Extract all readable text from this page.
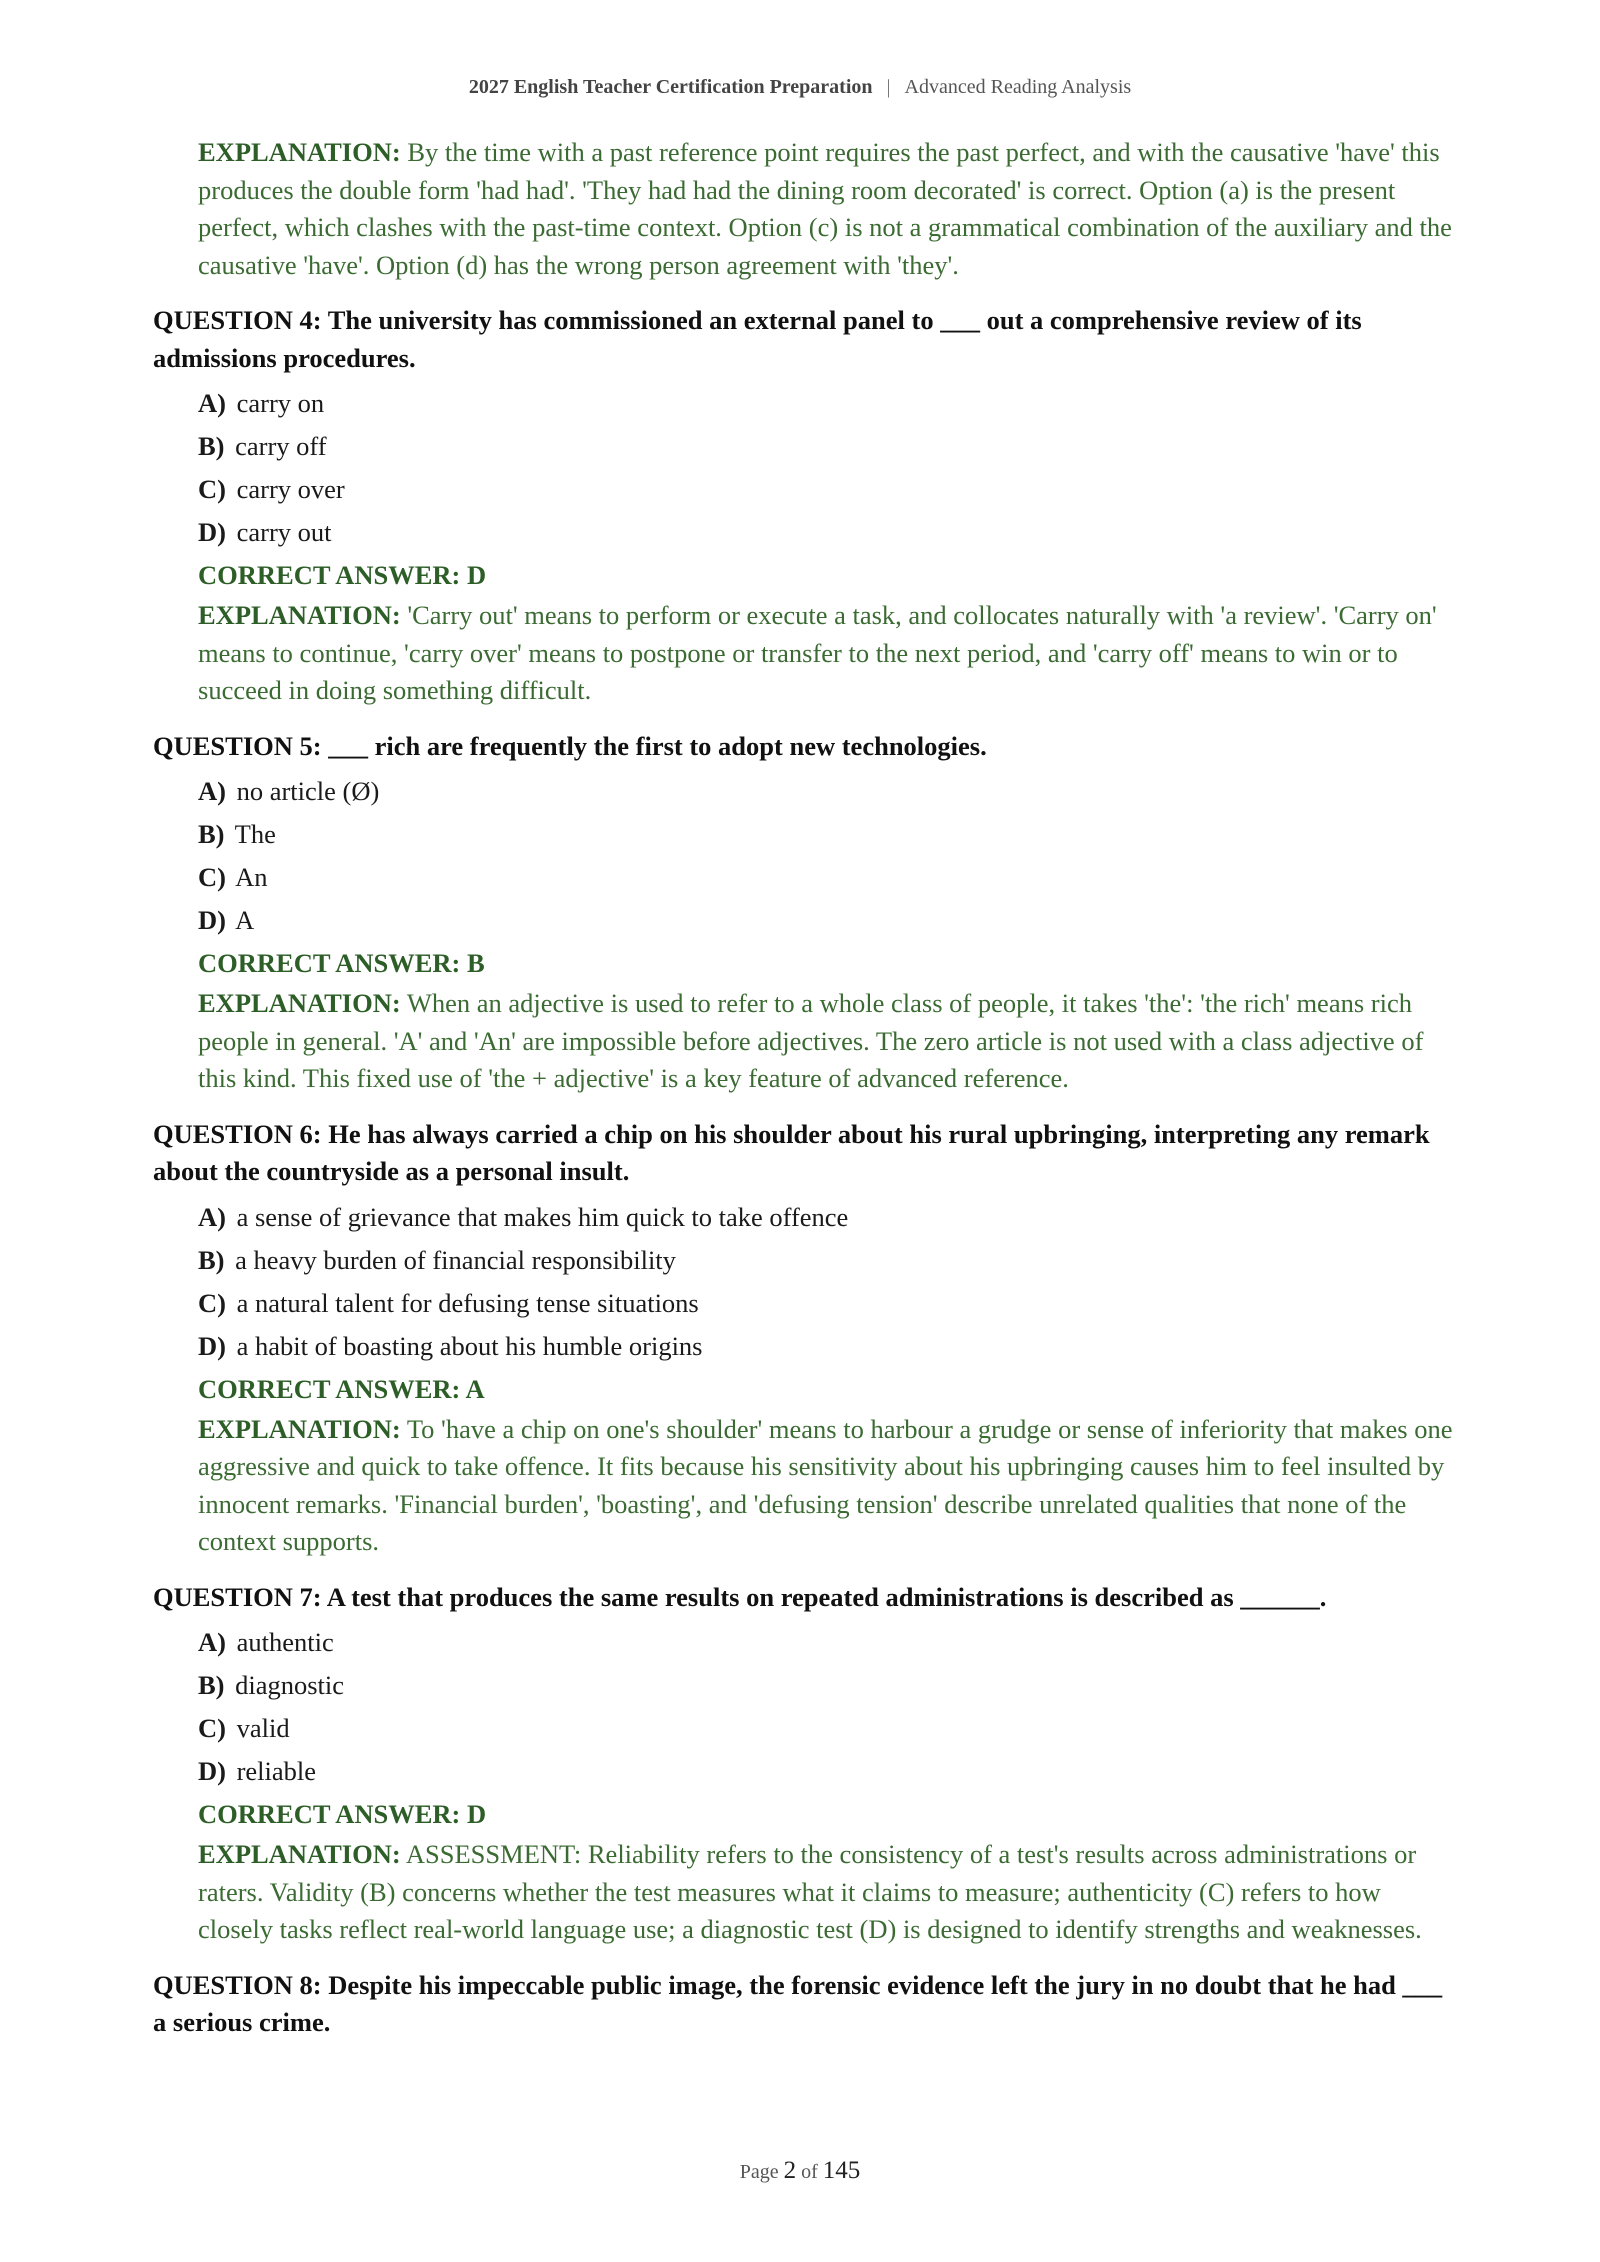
2027 English Teacher Certification Preparation | Advanced Reading Analysis
EXPLANATION: By the time with a past reference point requires the past perfect, and with the causative 'have' this produces the double form 'had had'. 'They had had the dining room decorated' is correct. Option (a) is the present perfect, which clashes with the past-time context. Option (c) is not a grammatical combination of the auxiliary and the causative 'have'. Option (d) has the wrong person agreement with 'they'.
QUESTION 4: The university has commissioned an external panel to ___ out a comprehensive review of its admissions procedures.
A) carry on
B) carry off
C) carry over
D) carry out
CORRECT ANSWER: D
EXPLANATION: 'Carry out' means to perform or execute a task, and collocates naturally with 'a review'. 'Carry on' means to continue, 'carry over' means to postpone or transfer to the next period, and 'carry off' means to win or to succeed in doing something difficult.
QUESTION 5: ___ rich are frequently the first to adopt new technologies.
A) no article (Ø)
B) The
C) An
D) A
CORRECT ANSWER: B
EXPLANATION: When an adjective is used to refer to a whole class of people, it takes 'the': 'the rich' means rich people in general. 'A' and 'An' are impossible before adjectives. The zero article is not used with a class adjective of this kind. This fixed use of 'the + adjective' is a key feature of advanced reference.
QUESTION 6: He has always carried a chip on his shoulder about his rural upbringing, interpreting any remark about the countryside as a personal insult.
A) a sense of grievance that makes him quick to take offence
B) a heavy burden of financial responsibility
C) a natural talent for defusing tense situations
D) a habit of boasting about his humble origins
CORRECT ANSWER: A
EXPLANATION: To 'have a chip on one's shoulder' means to harbour a grudge or sense of inferiority that makes one aggressive and quick to take offence. It fits because his sensitivity about his upbringing causes him to feel insulted by innocent remarks. 'Financial burden', 'boasting', and 'defusing tension' describe unrelated qualities that none of the context supports.
QUESTION 7: A test that produces the same results on repeated administrations is described as ______.
A) authentic
B) diagnostic
C) valid
D) reliable
CORRECT ANSWER: D
EXPLANATION: ASSESSMENT: Reliability refers to the consistency of a test's results across administrations or raters. Validity (B) concerns whether the test measures what it claims to measure; authenticity (C) refers to how closely tasks reflect real-world language use; a diagnostic test (D) is designed to identify strengths and weaknesses.
QUESTION 8: Despite his impeccable public image, the forensic evidence left the jury in no doubt that he had ___ a serious crime.
Page 2 of 145
